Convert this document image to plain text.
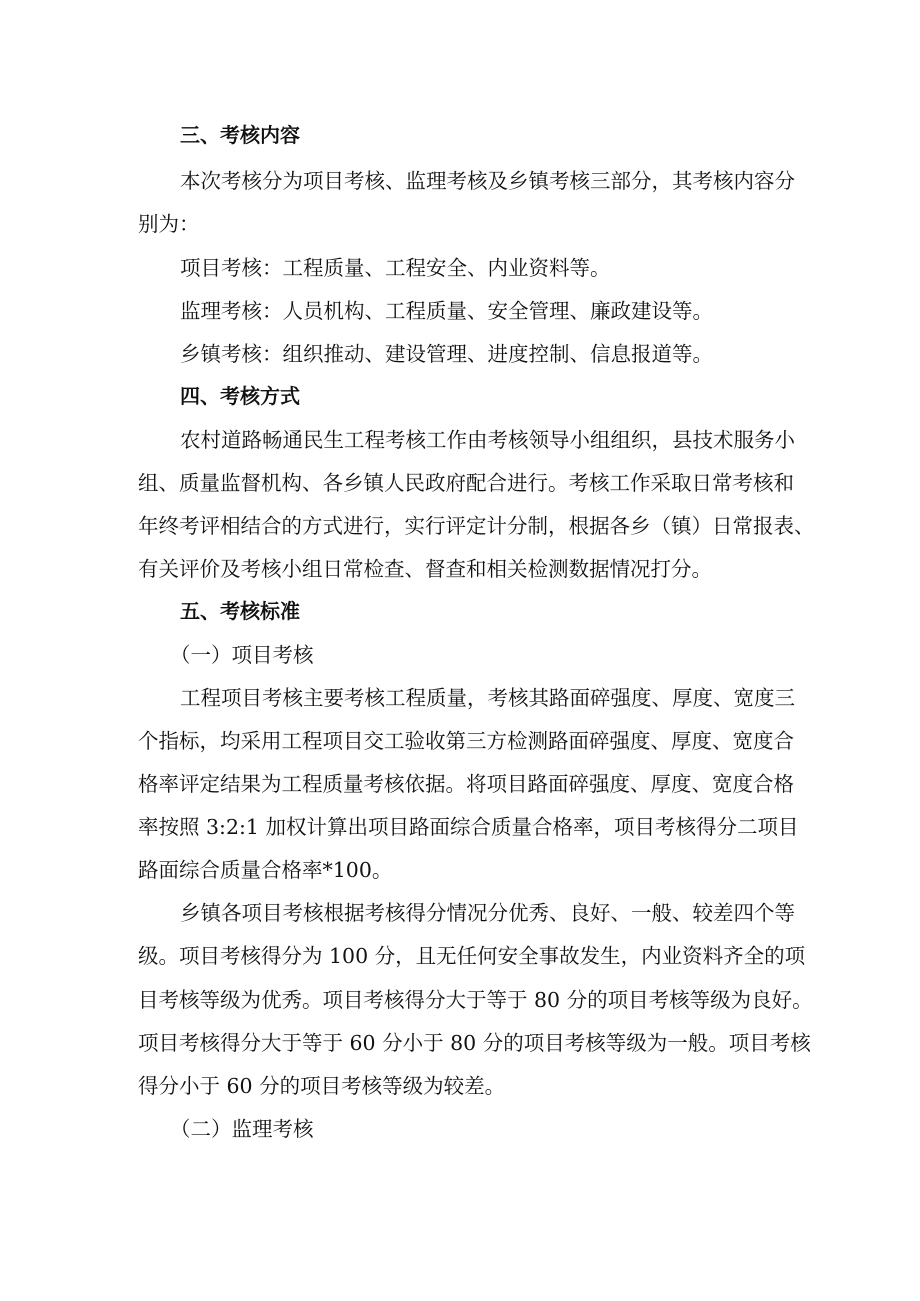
三、考核内容

本次考核分为项目考核、监理考核及乡镇考核三部分，其考核内容分

别为：

项目考核：工程质量、工程安全、内业资料等。

监理考核：人员机构、工程质量、安全管理、廉政建设等。

乡镇考核：组织推动、建设管理、进度控制、信息报道等。

四、考核方式

农村道路畅通民生工程考核工作由考核领导小组组织，县技术服务小

组、质量监督机构、各乡镇人民政府配合进行。考核工作采取日常考核和

年终考评相结合的方式进行，实行评定计分制，根据各乡（镇）日常报表、

有关评价及考核小组日常检查、督查和相关检测数据情况打分。

五、考核标准

（一）项目考核

工程项目考核主要考核工程质量，考核其路面碎强度、厚度、宽度三

个指标，均采用工程项目交工验收第三方检测路面碎强度、厚度、宽度合

格率评定结果为工程质量考核依据。将项目路面碎强度、厚度、宽度合格

率按照 3:2:1 加权计算出项目路面综合质量合格率，项目考核得分二项目

路面综合质量合格率*100。

乡镇各项目考核根据考核得分情况分优秀、良好、一般、较差四个等

级。项目考核得分为 100 分，且无任何安全事故发生，内业资料齐全的项

目考核等级为优秀。项目考核得分大于等于 80 分的项目考核等级为良好。

项目考核得分大于等于 60 分小于 80 分的项目考核等级为一般。项目考核

得分小于 60 分的项目考核等级为较差。

（二）监理考核
